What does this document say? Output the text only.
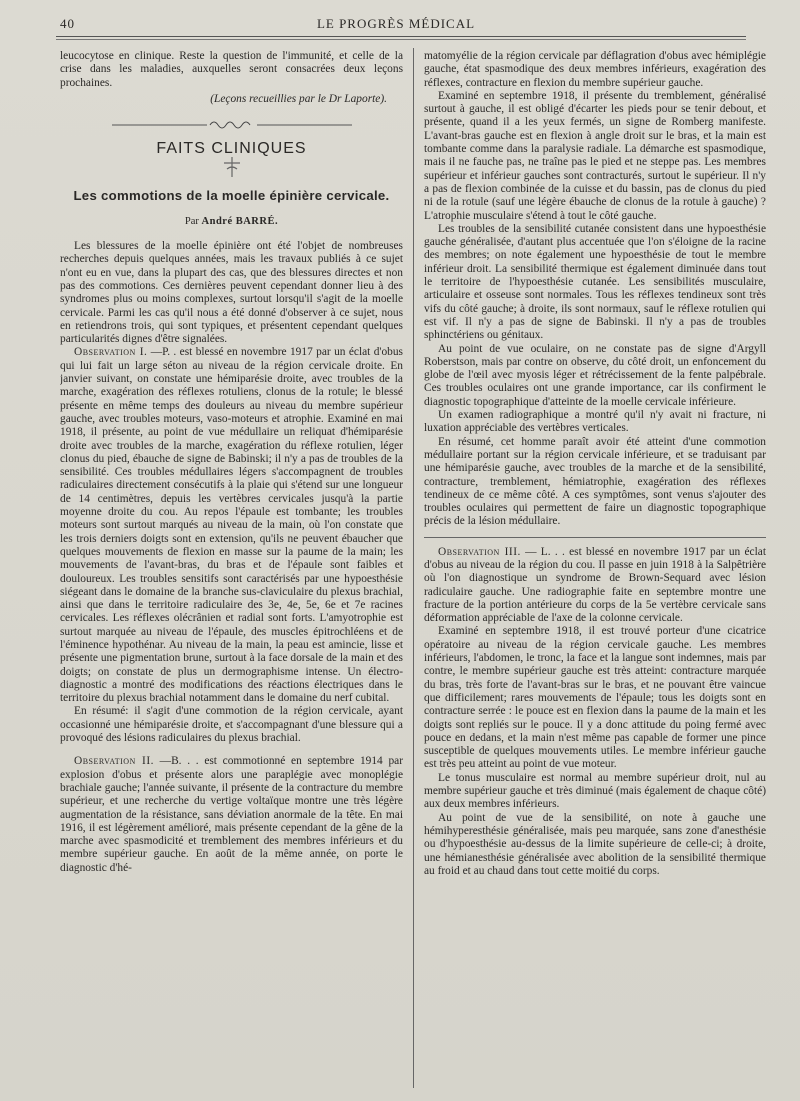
40	LE PROGRÈS MÉDICAL

leucocytose en clinique. Reste la question de l'immunité, et celle de la crise dans les maladies, auxquelles seront consacrées deux leçons prochaines.

(Leçons recueillies par le Dr Laporte).
FAITS CLINIQUES
Les commotions de la moelle épinière cervicale.
Par André BARRÉ.

Les blessures de la moelle épinière ont été l'objet de nombreuses recherches depuis quelques années, mais les travaux publiés à ce sujet n'ont eu en vue, dans la plupart des cas, que des blessures directes et non pas des commotions. Ces dernières peuvent cependant donner lieu à des syndromes plus ou moins complexes, surtout lorsqu'il s'agit de la moelle cervicale. Parmi les cas qu'il nous a été donné d'observer à ce sujet, nous en retiendrons trois, qui sont typiques, et présentent cependant quelques particularités dignes d'être signalées.

Observation I. —P. . est blessé en novembre 1917 par un éclat d'obus qui lui fait un large séton au niveau de la région cervicale droite. En janvier suivant, on constate une hémiparésie droite, avec troubles de la marche, exagération des réflexes rotuliens, clonus de la rotule; le blessé présente en même temps des douleurs au niveau du membre supérieur gauche, avec troubles moteurs, vaso-moteurs et atrophie. Examiné en mai 1918, il présente, au point de vue médullaire un reliquat d'hémiparésie droite avec troubles de la marche, exagération du réflexe rotulien, léger clonus du pied, ébauche de signe de Babinski; il n'y a pas de troubles de la sensibilité. Ces troubles médullaires légers s'accompagnent de troubles radiculaires directement consécutifs à la plaie qui s'étend sur une longueur de 14 centimètres, depuis les vertèbres cervicales jusqu'à la partie moyenne droite du cou. Au repos l'épaule est tombante; les troubles moteurs sont surtout marqués au niveau de la main, où l'on constate que les trois derniers doigts sont en extension, qu'ils ne peuvent ébaucher que quelques mouvements de flexion en masse sur la paume de la main; les mouvements de l'avant-bras, du bras et de l'épaule sont faibles et douloureux. Les troubles sensitifs sont caractérisés par une hypoesthésie siégeant dans le domaine de la branche sus-claviculaire du plexus brachial, ainsi que dans le territoire radiculaire des 3e, 4e, 5e, 6e et 7e racines cervicales. Les réflexes olécrânien et radial sont forts. L'amyotrophie est surtout marquée au niveau de l'épaule, des muscles épitrochléens et de l'éminence hypothénar. Au niveau de la main, la peau est amincie, lisse et présente une pigmentation brune, surtout à la face dorsale de la main et des doigts; on constate de plus un dermographisme intense. Un électro-diagnostic a montré des modifications des réactions électriques dans le territoire du plexus brachial notamment dans le domaine du nerf cubital.

En résumé: il s'agit d'une commotion de la région cervicale, ayant occasionné une hémiparésie droite, et s'accompagnant d'une blessure qui a provoqué des lésions radiculaires du plexus brachial.

Observation II. —B. . . est commotionné en septembre 1914 par explosion d'obus et présente alors une paraplégie avec monoplégie brachiale gauche; l'année suivante, il présente de la contracture du membre supérieur, et une recherche du vertige voltaïque montre une très légère augmentation de la résistance, sans déviation anormale de la tête. En mai 1916, il est légèrement amélioré, mais présente cependant de la gêne de la marche avec spasmodicité et tremblement des membres inférieurs et du membre supérieur gauche. En août de la même année, on porte le diagnostic d'hé-

matomyélie de la région cervicale par déflagration d'obus avec hémiplégie gauche, état spasmodique des deux membres inférieurs, exagération des réflexes, contracture en flexion du membre supérieur gauche.

Examiné en septembre 1918, il présente du tremblement, généralisé surtout à gauche, il est obligé d'écarter les pieds pour se tenir debout, et présente, quand il a les yeux fermés, un signe de Romberg manifeste. L'avant-bras gauche est en flexion à angle droit sur le bras, et la main est tombante comme dans la paralysie radiale. La démarche est spasmodique, mais il ne fauche pas, ne traîne pas le pied et ne steppe pas. Les membres supérieur et inférieur gauches sont contracturés, surtout le supérieur. Il n'y a pas de flexion combinée de la cuisse et du bassin, pas de clonus du pied ni de la rotule (sauf une légère ébauche de clonus de la rotule à gauche) ? L'atrophie musculaire s'étend à tout le côté gauche.

Les troubles de la sensibilité cutanée consistent dans une hypoesthésie gauche généralisée, d'autant plus accentuée que l'on s'éloigne de la racine des membres; on note également une hypoesthésie de tout le membre inférieur droit. La sensibilité thermique est également diminuée dans tout le territoire de l'hypoesthésie cutanée. Les sensibilités musculaire, articulaire et osseuse sont normales. Tous les réflexes tendineux sont très vifs du côté gauche; à droite, ils sont normaux, sauf le réflexe rotulien qui est vif. Il n'y a pas de signe de Babinski. Il n'y a pas de troubles sphinctériens ou génitaux.

Au point de vue oculaire, on ne constate pas de signe d'Argyll Roberstson, mais par contre on observe, du côté droit, un enfoncement du globe de l'œil avec myosis léger et rétrécissement de la fente palpébrale. Ces troubles oculaires ont une grande importance, car ils confirment le diagnostic topographique d'atteinte de la moelle cervicale inférieure.

Un examen radiographique a montré qu'il n'y avait ni fracture, ni luxation appréciable des vertèbres verticales.

En résumé, cet homme paraît avoir été atteint d'une commotion médullaire portant sur la région cervicale inférieure, et se traduisant par une hémiparésie gauche, avec troubles de la marche et de la sensibilité, contracture, tremblement, hémiatrophie, exagération des réflexes tendineux de ce même côté. A ces symptômes, sont venus s'ajouter des troubles oculaires qui permettent de faire un diagnostic topographique précis de la lésion médullaire.

Observation III. — L. . . est blessé en novembre 1917 par un éclat d'obus au niveau de la région du cou. Il passe en juin 1918 à la Salpêtrière où l'on diagnostique un syndrome de Brown-Sequard avec lésion radiculaire gauche. Une radiographie faite en septembre montre une fracture de la portion antérieure du corps de la 5e vertèbre cervicale sans déformation appréciable de l'axe de la colonne cervicale.

Examiné en septembre 1918, il est trouvé porteur d'une cicatrice opératoire au niveau de la région cervicale gauche. Les membres inférieurs, l'abdomen, le tronc, la face et la langue sont indemnes, mais par contre, le membre supérieur gauche est très atteint: contracture marquée du bras, très forte de l'avant-bras sur le bras, et ne pouvant être vaincue que difficilement; rares mouvements de l'épaule; tous les doigts sont en contracture serrée : le pouce est en flexion dans la paume de la main et les doigts sont repliés sur le pouce. Il y a donc attitude du poing fermé avec pouce en dedans, et la main n'est même pas capable de former une pince susceptible de quelques mouvements utiles. Le membre inférieur gauche est très peu atteint au point de vue moteur.

Le tonus musculaire est normal au membre supérieur droit, nul au membre supérieur gauche et très diminué (mais également de chaque côté) aux deux membres inférieurs.

Au point de vue de la sensibilité, on note à gauche une hémihyperesthésie généralisée, mais peu marquée, sans zone d'anesthésie ou d'hypoesthésie au-dessus de la limite supérieure de celle-ci; à droite, une hémianesthésie généralisée avec abolition de la sensibilité thermique au froid et au chaud dans tout cette moitié du corps.
